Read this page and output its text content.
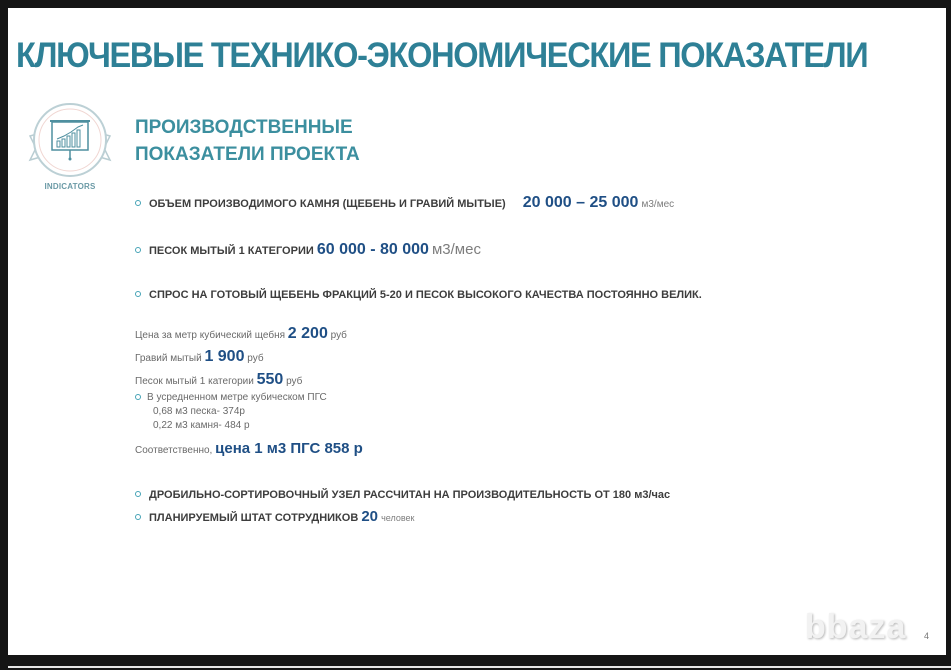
КЛЮЧЕВЫЕ ТЕХНИКО-ЭКОНОМИЧЕСКИЕ ПОКАЗАТЕЛИ
INDICATORS
ПРОИЗВОДСТВЕННЫЕ
ПОКАЗАТЕЛИ ПРОЕКТА
ОБЪЕМ ПРОИЗВОДИМОГО КАМНЯ (ЩЕБЕНЬ И ГРАВИЙ МЫТЫЕ) 20 000 – 25 000 м3/мес
ПЕСОК МЫТЫЙ 1 КАТЕГОРИИ 60 000 - 80 000 м3/мес
СПРОС НА ГОТОВЫЙ ЩЕБЕНЬ ФРАКЦИЙ 5-20 И ПЕСОК ВЫСОКОГО КАЧЕСТВА ПОСТОЯННО ВЕЛИК.
Цена за метр кубический щебня 2 200 руб
Гравий мытый 1 900 руб
Песок мытый 1 категории 550 руб
В усредненном метре кубическом ПГС
0,68 м3 песка- 374р
0,22 м3 камня- 484 р
Соответственно, цена 1 м3 ПГС 858 р
ДРОБИЛЬНО-СОРТИРОВОЧНЫЙ УЗЕЛ РАССЧИТАН НА ПРОИЗВОДИТЕЛЬНОСТЬ ОТ 180 м3/час
ПЛАНИРУЕМЫЙ ШТАТ СОТРУДНИКОВ 20 человек
bbaza 4
